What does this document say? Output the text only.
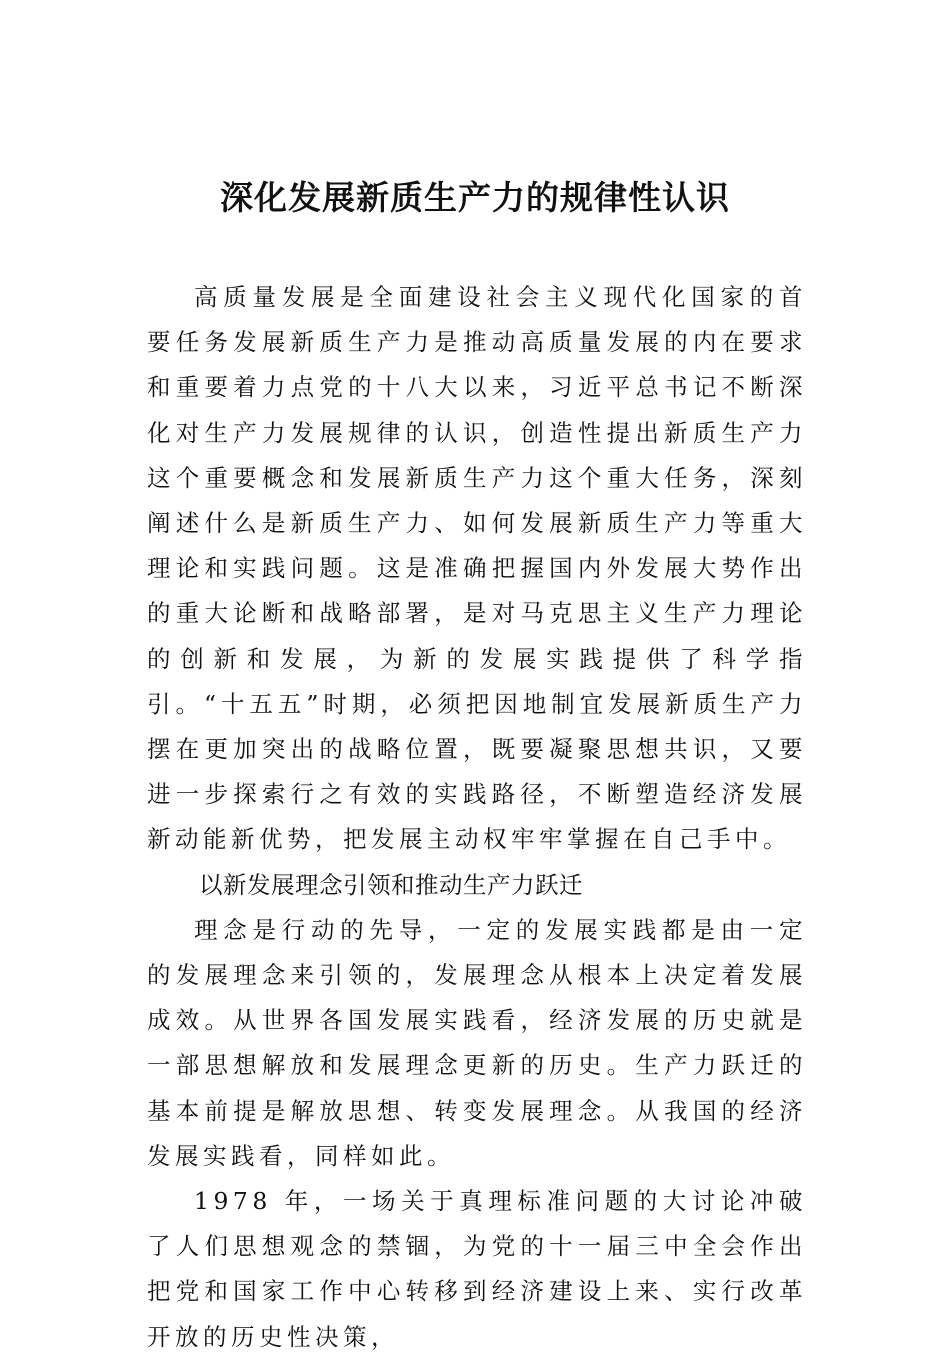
深化发展新质生产力的规律性认识

高质量发展是全面建设社会主义现代化国家的首要任务发展新质生产力是推动高质量发展的内在要求和重要着力点党的十八大以来，习近平总书记不断深化对生产力发展规律的认识，创造性提出新质生产力这个重要概念和发展新质生产力这个重大任务，深刻阐述什么是新质生产力、如何发展新质生产力等重大理论和实践问题。这是准确把握国内外发展大势作出的重大论断和战略部署，是对马克思主义生产力理论的创新和发展，为新的发展实践提供了科学指引。“十五五”时期，必须把因地制宜发展新质生产力摆在更加突出的战略位置，既要凝聚思想共识，又要进一步探索行之有效的实践路径，不断塑造经济发展新动能新优势，把发展主动权牢牢掌握在自己手中。

以新发展理念引领和推动生产力跃迁

理念是行动的先导，一定的发展实践都是由一定的发展理念来引领的，发展理念从根本上决定着发展成效。从世界各国发展实践看，经济发展的历史就是一部思想解放和发展理念更新的历史。生产力跃迁的基本前提是解放思想、转变发展理念。从我国的经济发展实践看，同样如此。

1978 年，一场关于真理标准问题的大讨论冲破了人们思想观念的禁锢，为党的十一届三中全会作出把党和国家工作中心转移到经济建设上来、实行改革开放的历史性决策，
